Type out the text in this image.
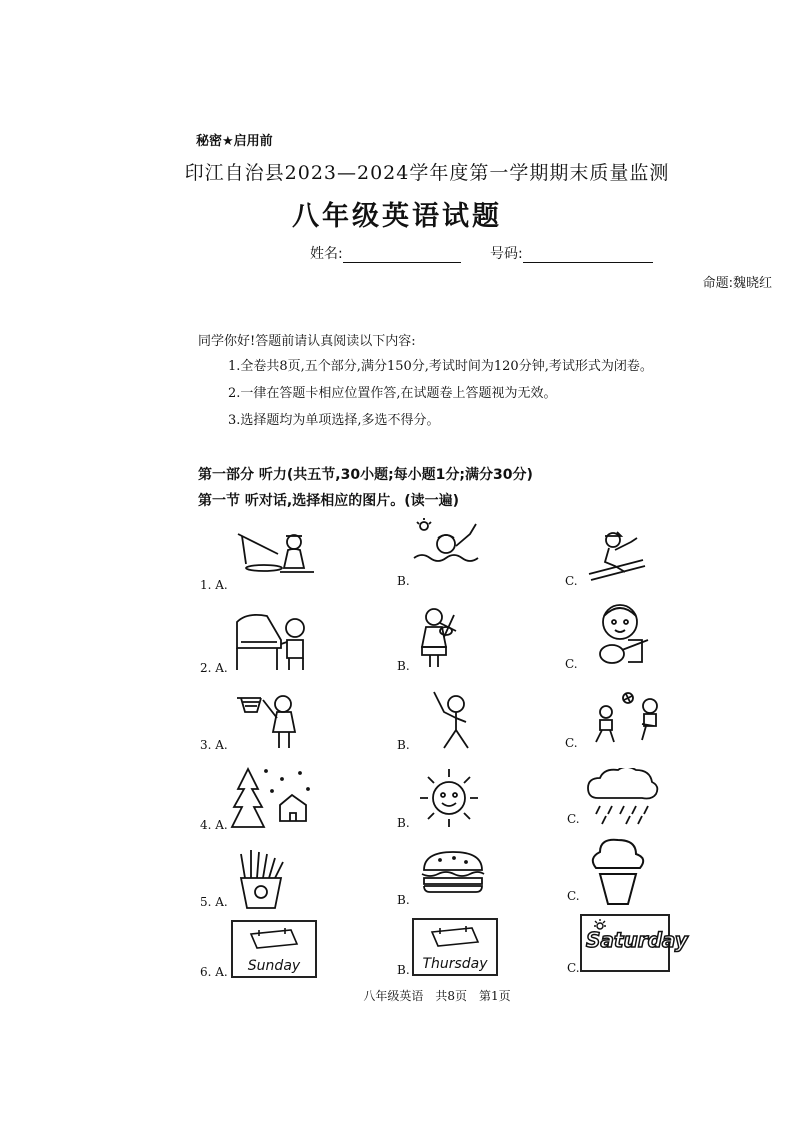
秘密★启用前
印江自治县2023—2024学年度第一学期期末质量监测
八年级英语试题
姓名:	号码:
命题:魏晓红
同学你好!答题前请认真阅读以下内容:
1.全卷共8页,五个部分,满分150分,考试时间为120分钟,考试形式为闭卷。
2.一律在答题卡相应位置作答,在试题卷上答题视为无效。
3.选择题均为单项选择,多选不得分。
第一部分 听力(共五节,30小题;每小题1分;满分30分)
第一节 听对话,选择相应的图片。(读一遍)
1. A.	B.	C.
2. A.	B.	C.
3. A.	B.	C.
4. A.	B.	C.
5. A.	B.	C.
6. A.	B.	C.
Sunday	Thursday
Saturday
八年级英语　共8页　第1页
